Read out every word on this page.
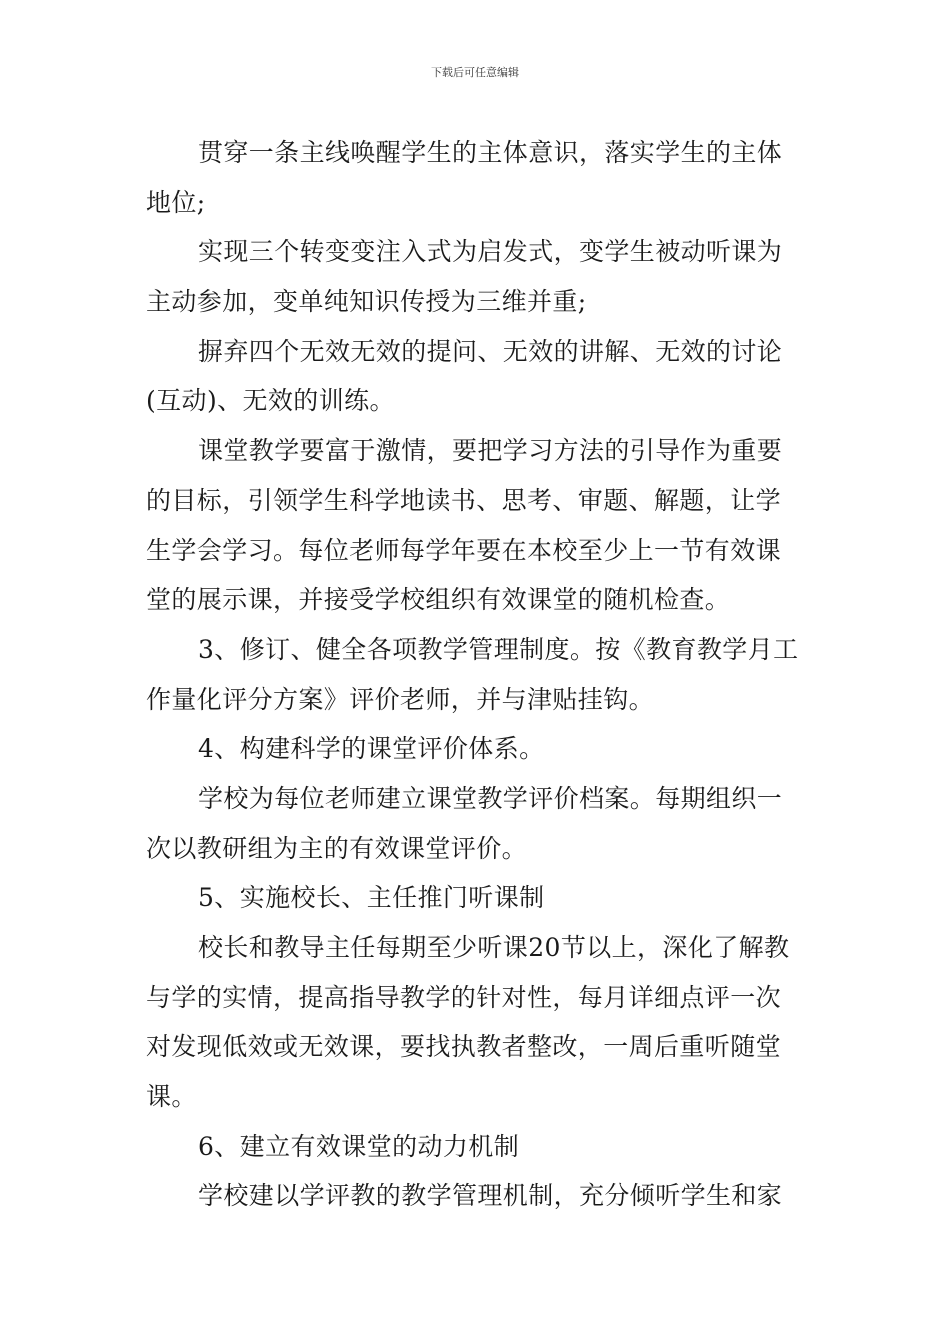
下载后可任意编辑
贯穿一条主线唤醒学生的主体意识，落实学生的主体
地位;
实现三个转变变注入式为启发式，变学生被动听课为
主动参加，变单纯知识传授为三维并重;
摒弃四个无效无效的提问、无效的讲解、无效的讨论
(互动)、无效的训练。
课堂教学要富于激情，要把学习方法的引导作为重要
的目标，引领学生科学地读书、思考、审题、解题，让学
生学会学习。每位老师每学年要在本校至少上一节有效课
堂的展示课，并接受学校组织有效课堂的随机检查。
3、修订、健全各项教学管理制度。按《教育教学月工
作量化评分方案》评价老师，并与津贴挂钩。
4、构建科学的课堂评价体系。
学校为每位老师建立课堂教学评价档案。每期组织一
次以教研组为主的有效课堂评价。
5、实施校长、主任推门听课制
校长和教导主任每期至少听课20节以上，深化了解教
与学的实情，提高指导教学的针对性，每月详细点评一次
对发现低效或无效课，要找执教者整改，一周后重听随堂
课。
6、建立有效课堂的动力机制
学校建以学评教的教学管理机制，充分倾听学生和家
